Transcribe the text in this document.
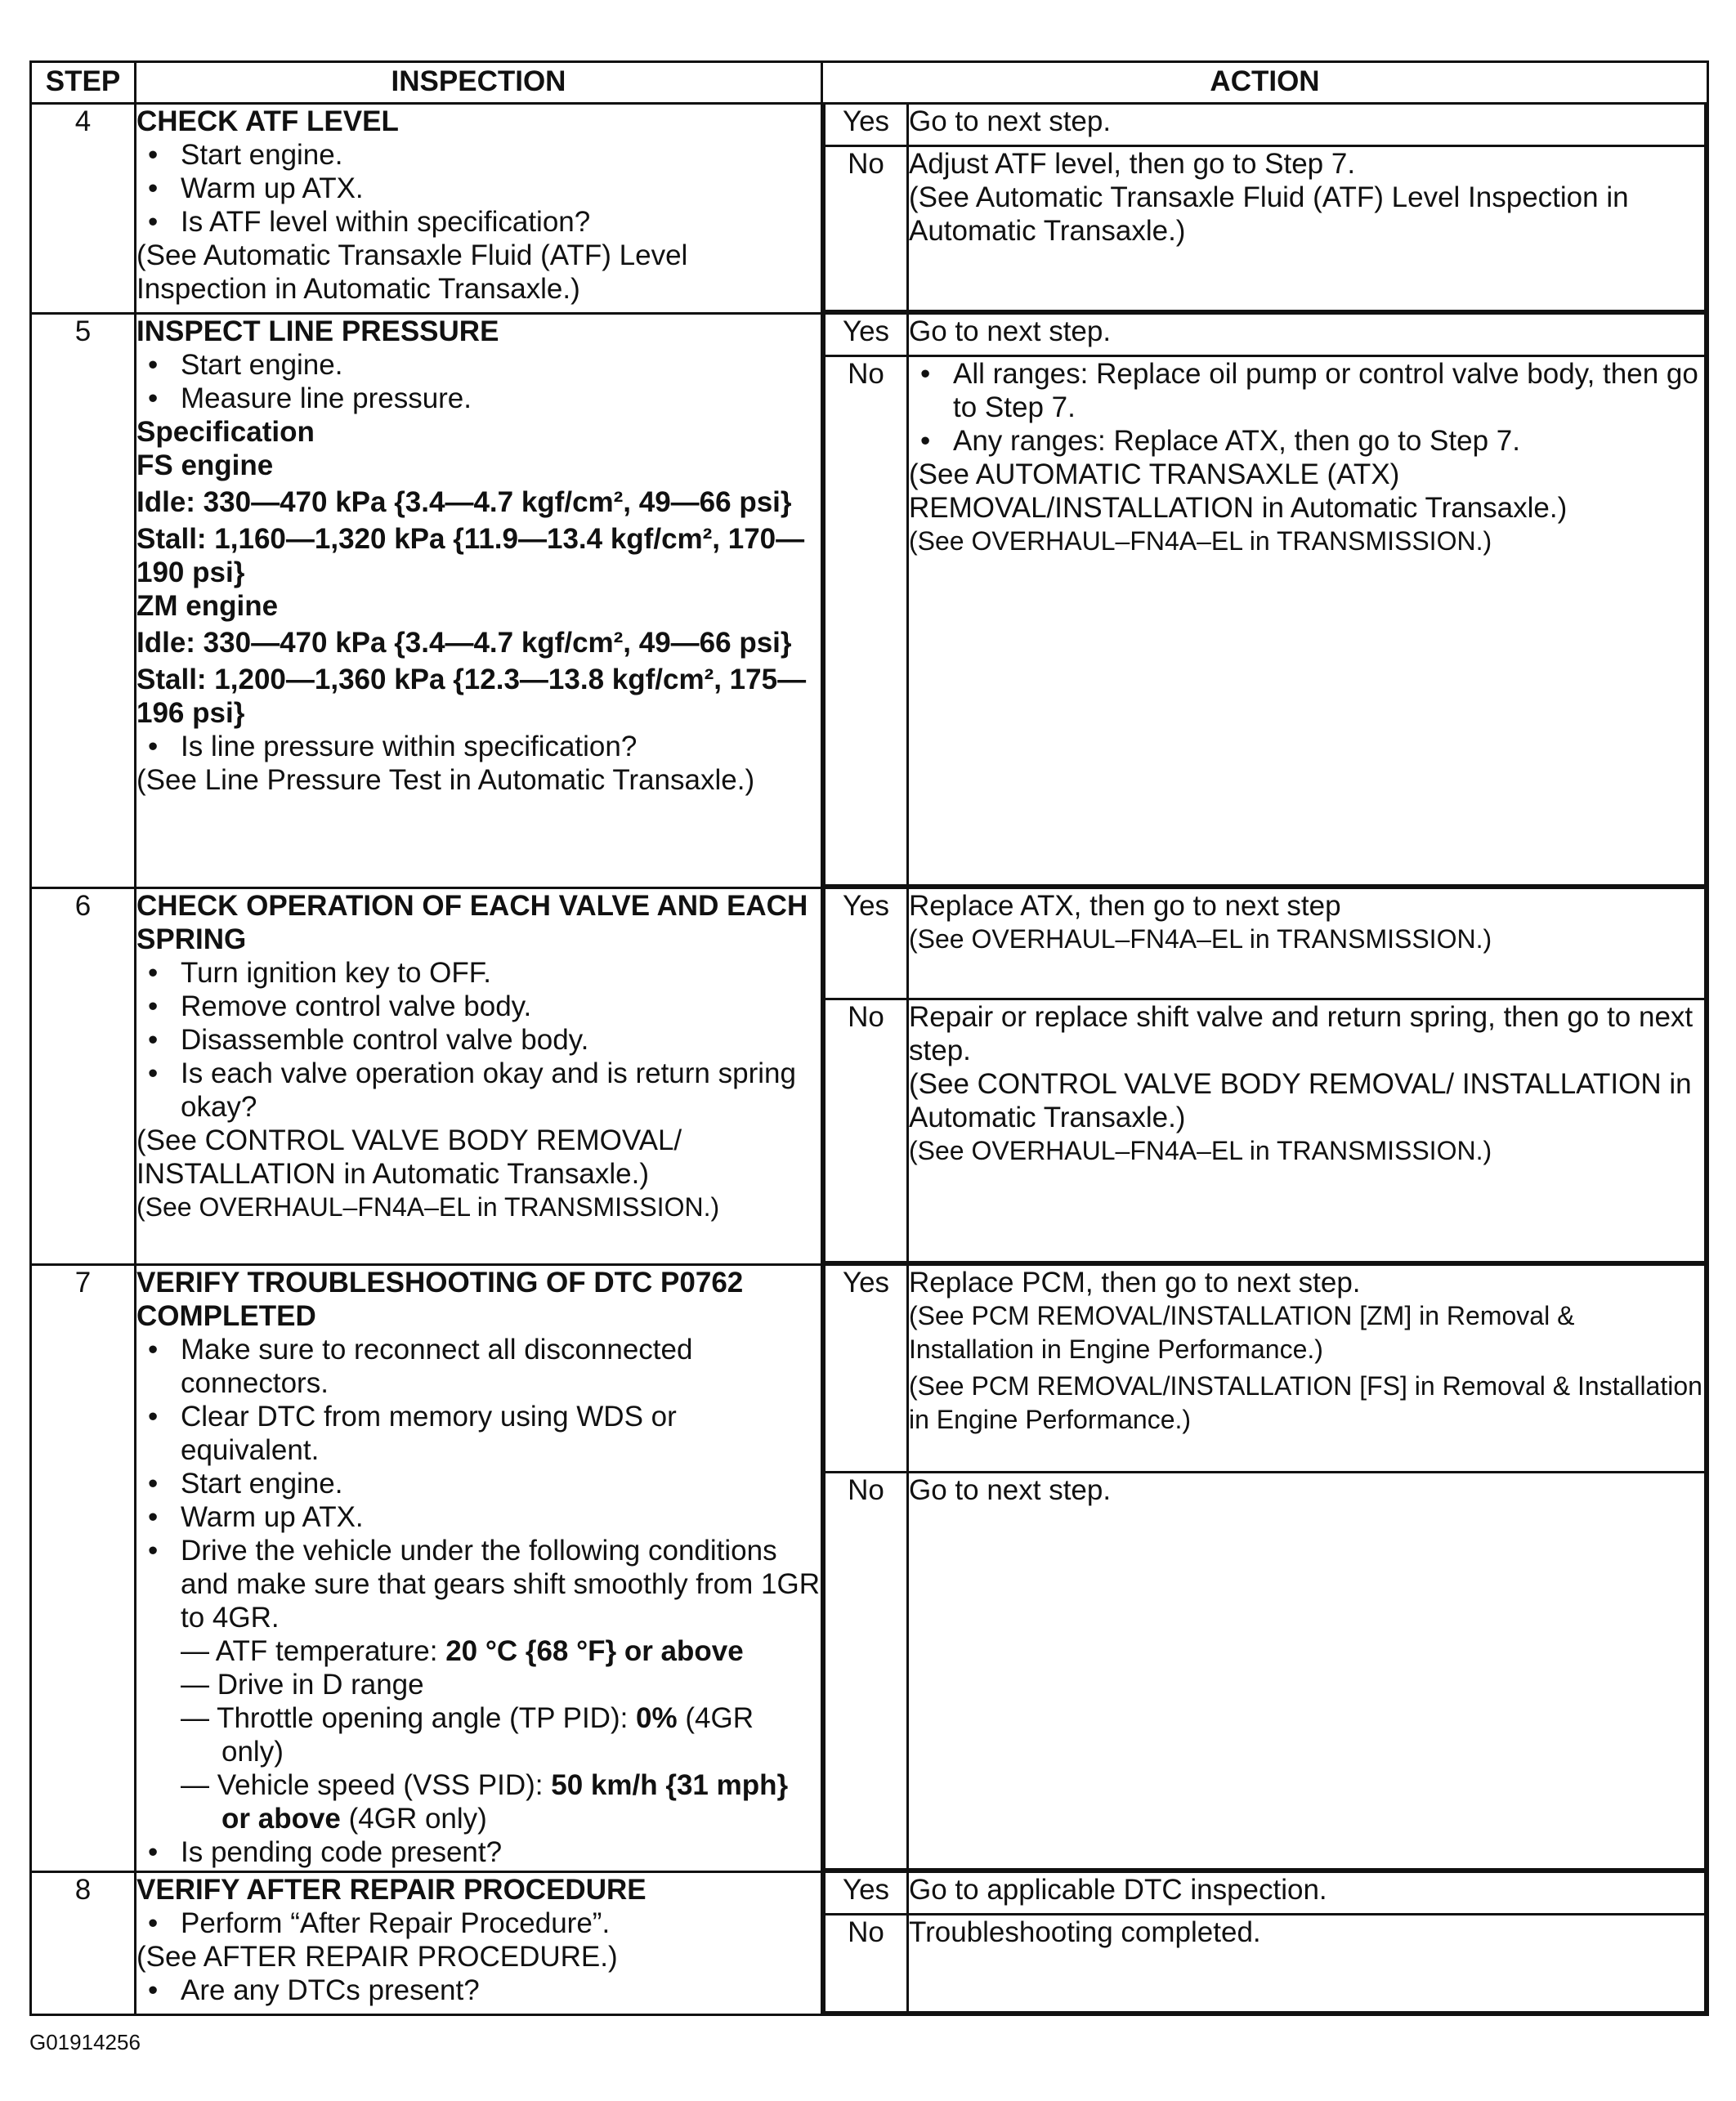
STEP	INSPECTION	ACTION
4	CHECK ATF LEVEL
• Start engine.
• Warm up ATX.
• Is ATF level within specification?
(See Automatic Transaxle Fluid (ATF) Level Inspection in Automatic Transaxle.)

Yes	Go to next step.
No	Adjust ATF level, then go to Step 7.
(See Automatic Transaxle Fluid (ATF) Level Inspection in Automatic Transaxle.)

5	INSPECT LINE PRESSURE
• Start engine.
• Measure line pressure.
Specification
FS engine
Idle: 330—470 kPa {3.4—4.7 kgf/cm², 49—66 psi}
Stall: 1,160—1,320 kPa {11.9—13.4 kgf/cm², 170—190 psi}
ZM engine
Idle: 330—470 kPa {3.4—4.7 kgf/cm², 49—66 psi}
Stall: 1,200—1,360 kPa {12.3—13.8 kgf/cm², 175—196 psi}
• Is line pressure within specification?
(See Line Pressure Test in Automatic Transaxle.)

Yes	Go to next step.
No	
•All ranges: Replace oil pump or control valve body, then go to Step 7.
• Any ranges: Replace ATX, then go to Step 7.
(See AUTOMATIC TRANSAXLE (ATX) REMOVAL/INSTALLATION in Automatic Transaxle.)
(See OVERHAUL–FN4A–EL in TRANSMISSION.)

6	CHECK OPERATION OF EACH VALVE AND EACH SPRING
• Turn ignition key to OFF.
• Remove control valve body.
• Disassemble control valve body.
• Is each valve operation okay and is return spring okay?
(See CONTROL VALVE BODY REMOVAL/ INSTALLATION in Automatic Transaxle.)
(See OVERHAUL–FN4A–EL in TRANSMISSION.)

Yes	Replace ATX, then go to next step
(See OVERHAUL–FN4A–EL in TRANSMISSION.)

No	Repair or replace shift valve and return spring, then go to next step.
(See CONTROL VALVE BODY REMOVAL/ INSTALLATION in Automatic Transaxle.)
(See OVERHAUL–FN4A–EL in TRANSMISSION.)

7	VERIFY TROUBLESHOOTING OF DTC P0762 COMPLETED
• Make sure to reconnect all disconnected connectors.
• Clear DTC from memory using WDS or equivalent.
• Start engine.
• Warm up ATX.
• Drive the vehicle under the following conditions and make sure that gears shift smoothly from 1GR to 4GR.
— ATF temperature: 20 °C {68 °F} or above
— Drive in D range
— Throttle opening angle (TP PID): 0% (4GR only)
— Vehicle speed (VSS PID): 50 km/h {31 mph} or above (4GR only)
• Is pending code present?

Yes	Replace PCM, then go to next step.
(See PCM REMOVAL/INSTALLATION [ZM] in Removal & Installation in Engine Performance.)
(See PCM REMOVAL/INSTALLATION [FS] in Removal & Installation in Engine Performance.)

No	Go to next step.

8	VERIFY AFTER REPAIR PROCEDURE
• Perform “After Repair Procedure”.
(See AFTER REPAIR PROCEDURE.)
• Are any DTCs present?

Yes	Go to applicable DTC inspection.
No	Troubleshooting completed.
G01914256
